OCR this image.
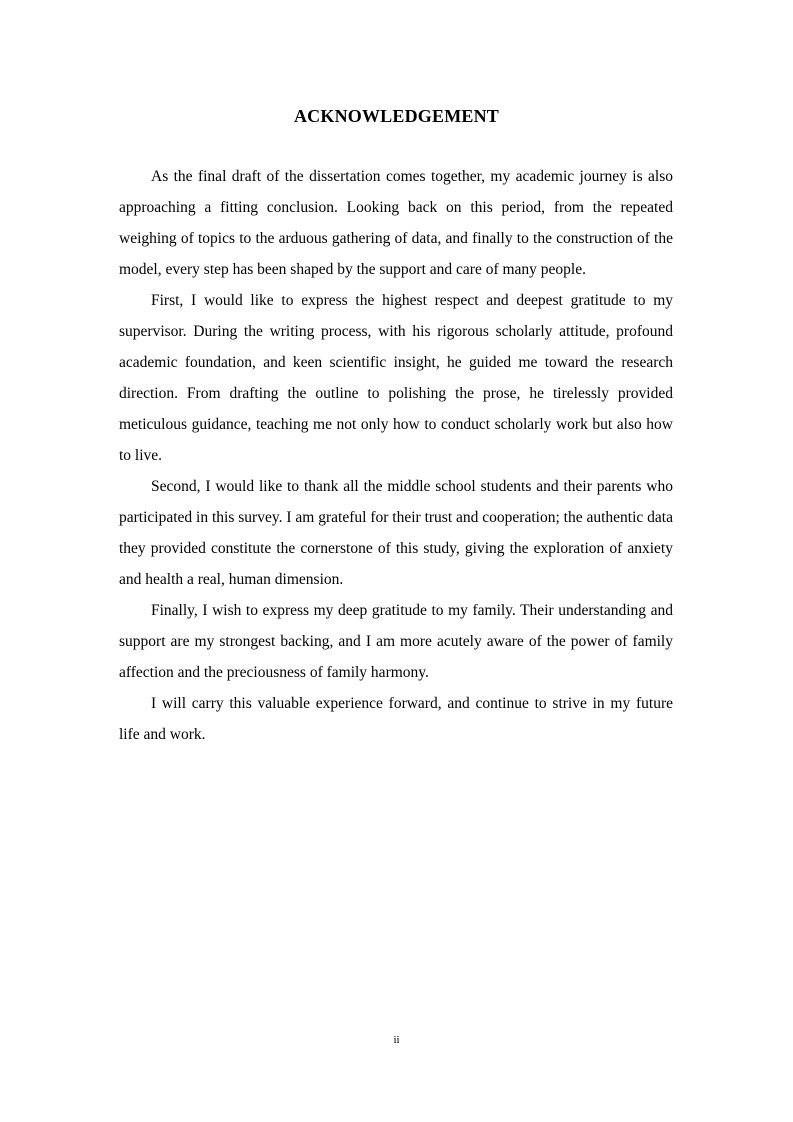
ACKNOWLEDGEMENT

As the final draft of the dissertation comes together, my academic journey is also approaching a fitting conclusion. Looking back on this period, from the repeated weighing of topics to the arduous gathering of data, and finally to the construction of the model, every step has been shaped by the support and care of many people.

First, I would like to express the highest respect and deepest gratitude to my supervisor. During the writing process, with his rigorous scholarly attitude, profound academic foundation, and keen scientific insight, he guided me toward the research direction. From drafting the outline to polishing the prose, he tirelessly provided meticulous guidance, teaching me not only how to conduct scholarly work but also how to live.

Second, I would like to thank all the middle school students and their parents who participated in this survey. I am grateful for their trust and cooperation; the authentic data they provided constitute the cornerstone of this study, giving the exploration of anxiety and health a real, human dimension.

Finally, I wish to express my deep gratitude to my family. Their understanding and support are my strongest backing, and I am more acutely aware of the power of family affection and the preciousness of family harmony.

I will carry this valuable experience forward, and continue to strive in my future life and work.

ii
